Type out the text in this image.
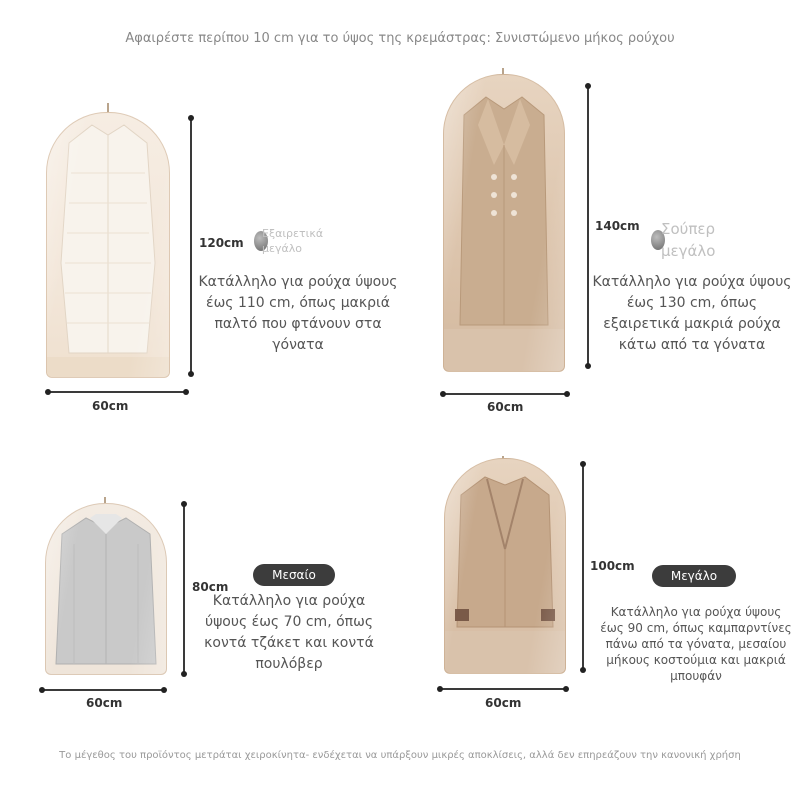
Αφαιρέστε περίπου 10 cm για το ύψος της κρεμάστρας: Συνιστώμενο μήκος ρούχου
120cm
Εξαιρετικά μεγάλο
Κατάλληλο για ρούχα ύψους έως 110 cm, όπως μακριά παλτό που φτάνουν στα γόνατα
60cm
140cm Σούπερ μεγάλο
Κατάλληλο για ρούχα ύψους έως 130 cm, όπως εξαιρετικά μακριά ρούχα κάτω από τα γόνατα
60cm
80cm
Μεσαίο
Κατάλληλο για ρούχα ύψους έως 70 cm, όπως κοντά τζάκετ και κοντά πουλόβερ
60cm
100cm
Μεγάλο
Κατάλληλο για ρούχα ύψους έως 90 cm, όπως καμπαρντίνες πάνω από τα γόνατα, μεσαίου μήκους κοστούμια και μακριά μπουφάν
60cm
Το μέγεθος του προϊόντος μετράται χειροκίνητα- ενδέχεται να υπάρξουν μικρές αποκλίσεις, αλλά δεν επηρεάζουν την κανονική χρήση
